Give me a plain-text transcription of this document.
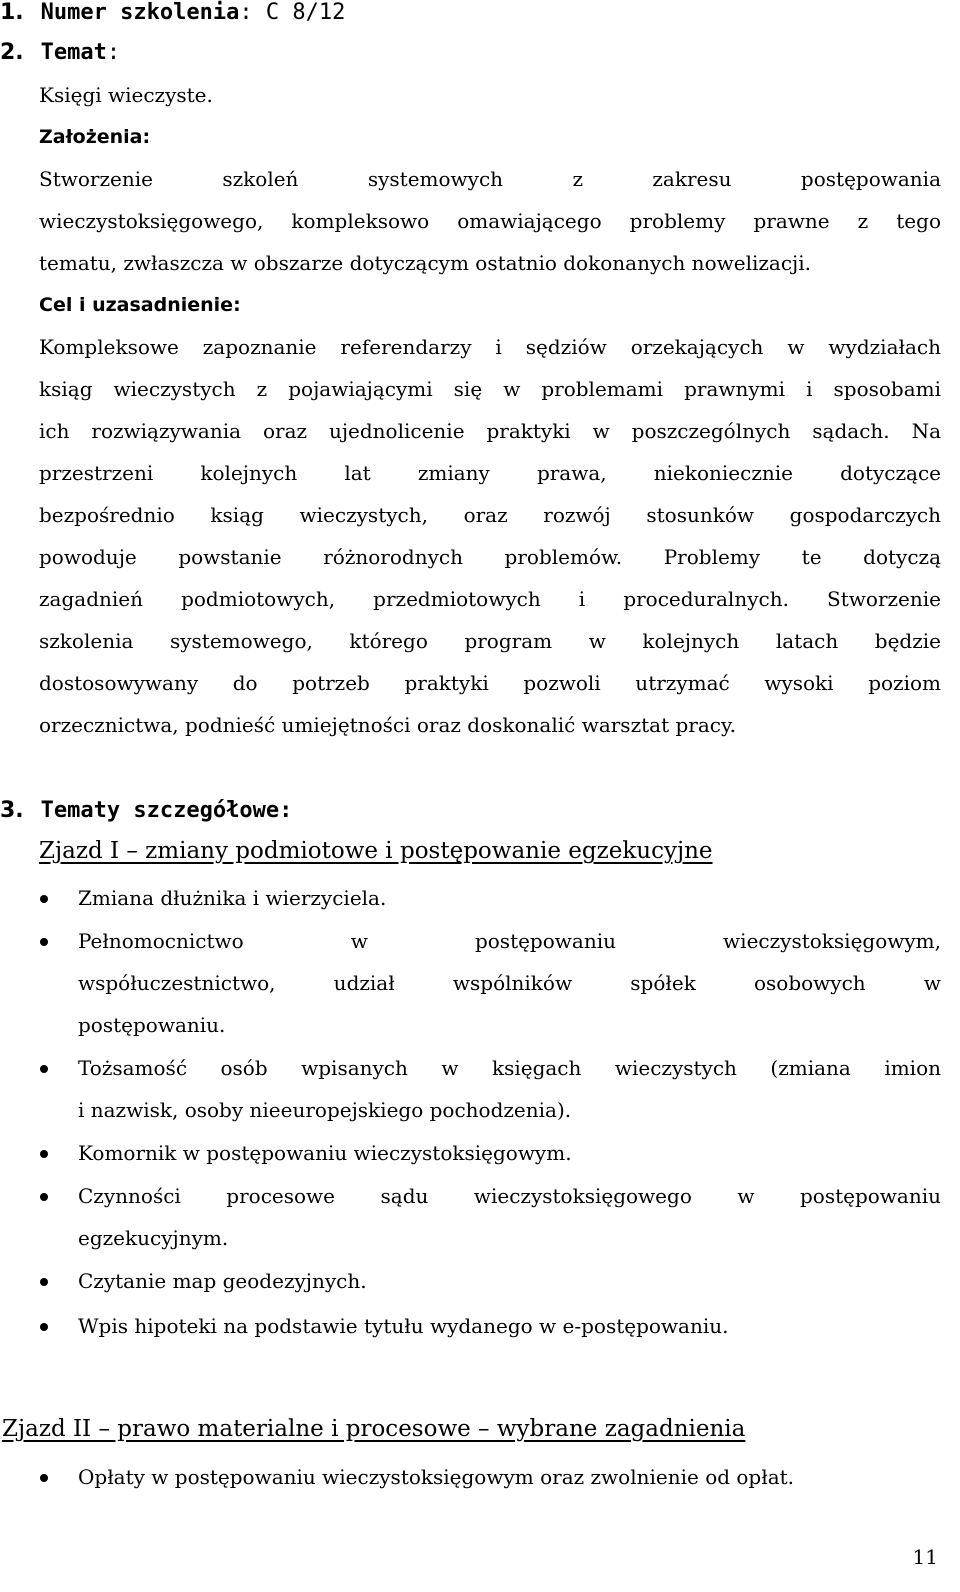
1. Numer szkolenia: C 8/12
2. Temat:
Księgi wieczyste.
Założenia:
Stworzenie szkoleń systemowych z zakresu postępowania
wieczystoksięgowego, kompleksowo omawiającego problemy prawne z tego
tematu, zwłaszcza w obszarze dotyczącym ostatnio dokonanych nowelizacji.
Cel i uzasadnienie:
Kompleksowe zapoznanie referendarzy i sędziów orzekających w wydziałach
ksiąg wieczystych z pojawiającymi się w problemami prawnymi i sposobami
ich rozwiązywania oraz ujednolicenie praktyki w poszczególnych sądach. Na
przestrzeni kolejnych lat zmiany prawa, niekoniecznie dotyczące
bezpośrednio ksiąg wieczystych, oraz rozwój stosunków gospodarczych
powoduje powstanie różnorodnych problemów. Problemy te dotyczą
zagadnień podmiotowych, przedmiotowych i proceduralnych. Stworzenie
szkolenia systemowego, którego program w kolejnych latach będzie
dostosowywany do potrzeb praktyki pozwoli utrzymać wysoki poziom
orzecznictwa, podnieść umiejętności oraz doskonalić warsztat pracy.
3. Tematy szczegółowe:
Zjazd I – zmiany podmiotowe i postępowanie egzekucyjne
Zmiana dłużnika i wierzyciela.
Pełnomocnictwo w postępowaniu wieczystoksięgowym,
współuczestnictwo, udział wspólników spółek osobowych w
postępowaniu.
Tożsamość osób wpisanych w księgach wieczystych (zmiana imion
i nazwisk, osoby nieeuropejskiego pochodzenia).
Komornik w postępowaniu wieczystoksięgowym.
Czynności procesowe sądu wieczystoksięgowego w postępowaniu
egzekucyjnym.
Czytanie map geodezyjnych.
Wpis hipoteki na podstawie tytułu wydanego w e-postępowaniu.
Zjazd II – prawo materialne i procesowe – wybrane zagadnienia
Opłaty w postępowaniu wieczystoksięgowym oraz zwolnienie od opłat.
11
